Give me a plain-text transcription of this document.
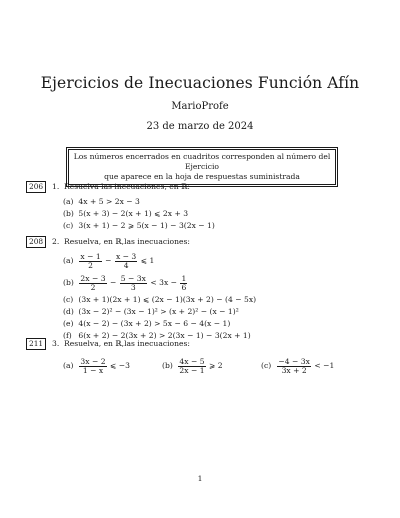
Ejercicios de Inecuaciones Función Afín
MarioProfe
23 de marzo de 2024
Los números encerrados en cuadritos corresponden al número del Ejercicio
que aparece en la hoja de respuestas suministrada
206	1. Resuelva las inecuaciones, en ℝ:
(a) 4x + 5 > 2x − 3
(b) 5(x + 3) − 2(x + 1) ⩽ 2x + 3
(c) 3(x + 1) − 2 ⩾ 5(x − 1) − 3(2x − 1)
208	2. Resuelva, en ℝ,las inecuaciones:
$(a) \frac{x - 1}{2} - \frac{x - 3}{4}$ ⩽ 1
$(b) \frac{2x - 3}{2} - \frac{5 - 3x}{3} < 3x - \frac{1}{6}$
(c) (3x + 1)(2x + 1) ⩽ (2x − 1)(3x + 2) − (4 − 5x)
(d) (3x − 2)² − (3x − 1)² > (x + 2)² − (x − 1)²
(e) 4(x − 2) − (3x + 2) > 5x − 6 − 4(x − 1)
(f) 6(x + 2) − 2(3x + 2) > 2(3x − 1) − 3(2x + 1)
211	3. Resuelva, en ℝ,las inecuaciones:
$(a) \frac{3x - 2}{1 - x}$ ⩽ −3	$(b) \frac{4x - 5}{2x - 1}$ ⩾ 2	$(c) \frac{-4 - 3x}{3x + 2} < -1$
1
